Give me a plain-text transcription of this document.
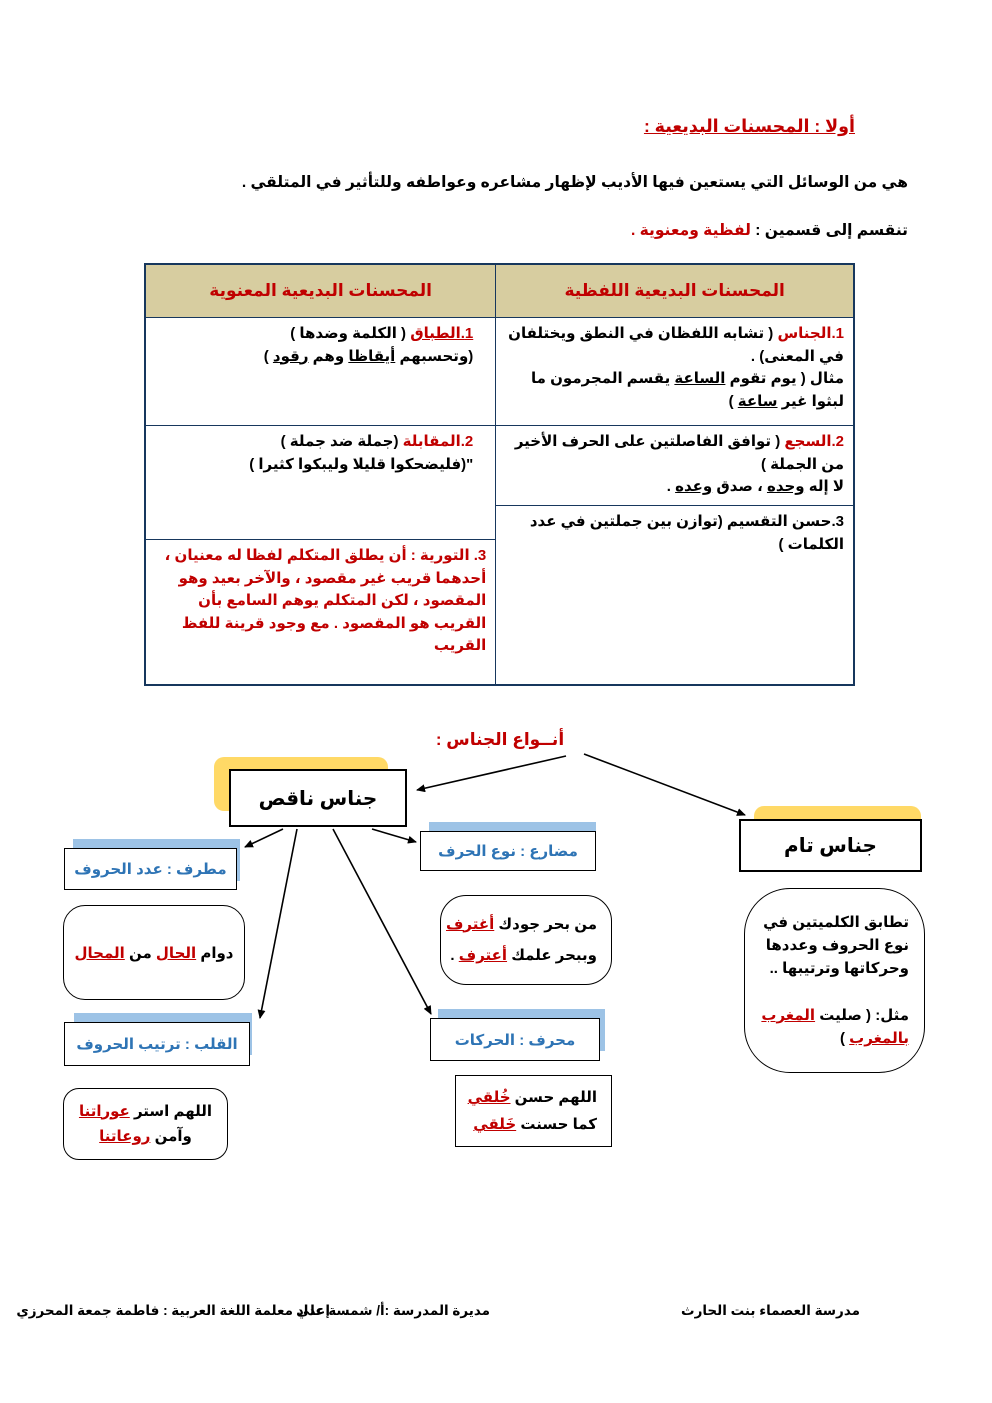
أولا : المحسنات البديعية :

هي من الوسائل التي يستعين فيها الأديب لإظهار مشاعره وعواطفه وللتأثير في المتلقي .

تنقسم إلى قسمين : لفظية ومعنوية .

المحسنات البديعية اللفظية
المحسنات البديعية المعنوية
1.الجناس ( تشابه اللفظان في النطق ويختلفان في المعنى) .
مثال ( يوم تقوم الساعة يقسم المجرمون ما لبثوا غير ساعة )
2.السجع ( توافق الفاصلتين على الحرف الأخير من الجملة )
لا إله وحده ، صدق وعده .
3.حسن التقسيم (توازن بين جملتين في عدد الكلمات )
1.الطباق ( الكلمة وضدها )
(وتحسبهم أيقاظا وهم رقود )
2.المقابلة (جملة ضد جملة )
"(فليضحكوا قليلا وليبكوا كثيرا )
3. التورية : أن يطلق المتكلم لفظا له معنيان ، أحدهما قريب غير مقصود ، والآخر بعيد وهو المقصود ، لكن المتكلم يوهم السامع بأن القريب هو المقصود . مع وجود قرينة للفظ القريب
أنــواع الجناس :
جناس ناقص
جناس تام
مطرف : عدد الحروف
مضارع : نوع الحرف
القلب : ترتيب الحروف	محرف : الحركات
دوام الحال من المحال
اللهم استر عوراتنا
وآمن روعاتنا
من بحر جودك أغترف
وببحر علمك أعترف .
اللهم حسن خُلقي
كما حسنت خَلقي
تطابق الكلميتين في نوع الحروف وعددها وحركاتها وترتيبها ..

مثل: ( صليت المغرب بالمغرب )
مدرسة العصماء بنت الحارث
مديرة المدرسة :أ/ شمسة علي
إعداد معلمة اللغة العربية : فاطمة جمعة المحرزي
